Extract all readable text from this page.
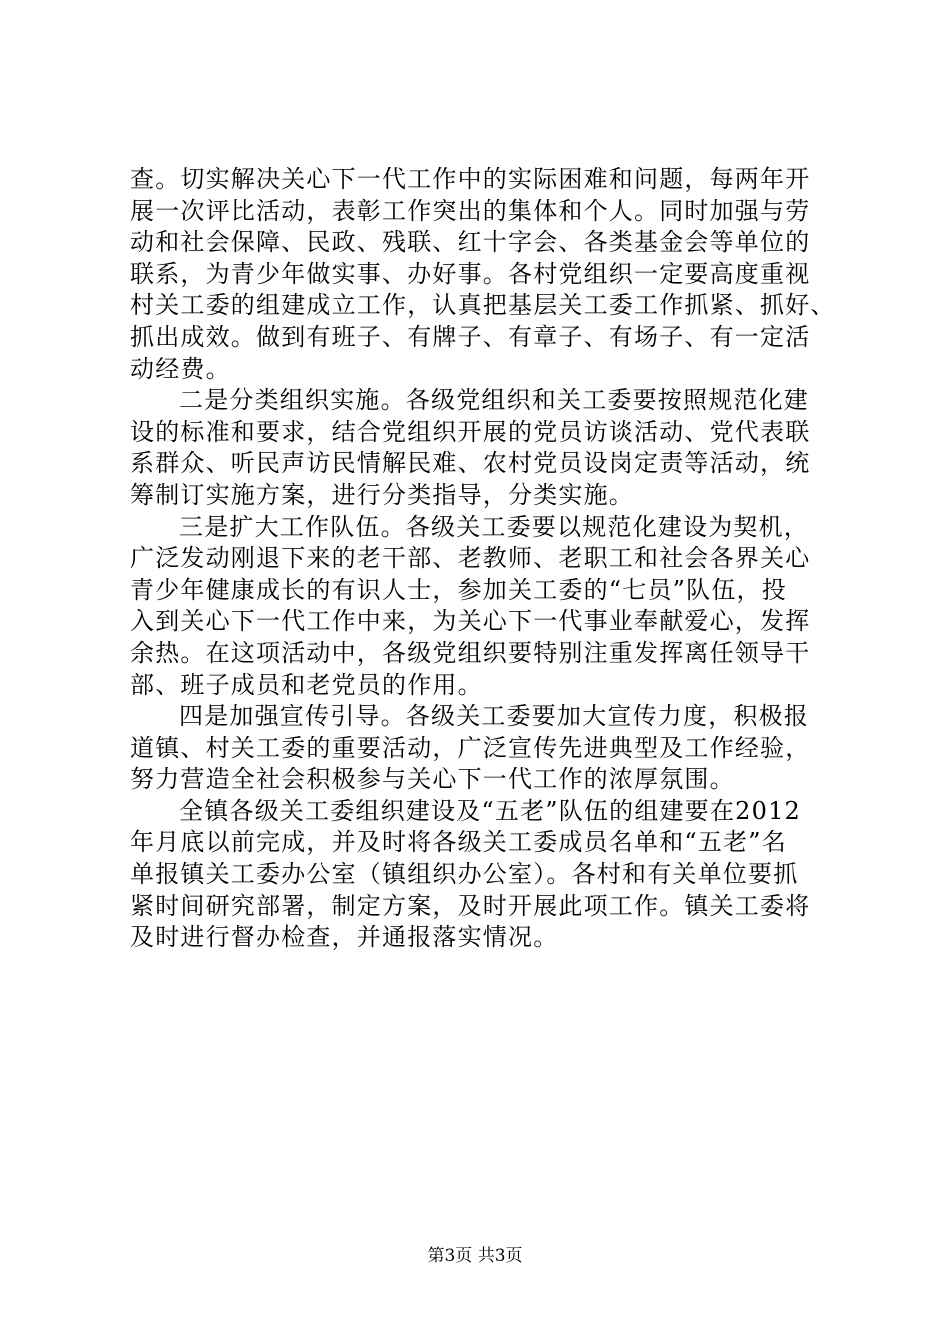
查。切实解决关心下一代工作中的实际困难和问题，每两年开
展一次评比活动，表彰工作突出的集体和个人。同时加强与劳
动和社会保障、民政、残联、红十字会、各类基金会等单位的
联系，为青少年做实事、办好事。各村党组织一定要高度重视
村关工委的组建成立工作，认真把基层关工委工作抓紧、抓好、
抓出成效。做到有班子、有牌子、有章子、有场子、有一定活
动经费。
二是分类组织实施。各级党组织和关工委要按照规范化建
设的标准和要求，结合党组织开展的党员访谈活动、党代表联
系群众、听民声访民情解民难、农村党员设岗定责等活动，统
筹制订实施方案，进行分类指导，分类实施。
三是扩大工作队伍。各级关工委要以规范化建设为契机，
广泛发动刚退下来的老干部、老教师、老职工和社会各界关心
青少年健康成长的有识人士，参加关工委的“七员”队伍，投
入到关心下一代工作中来，为关心下一代事业奉献爱心，发挥
余热。在这项活动中，各级党组织要特别注重发挥离任领导干
部、班子成员和老党员的作用。
四是加强宣传引导。各级关工委要加大宣传力度，积极报
道镇、村关工委的重要活动，广泛宣传先进典型及工作经验，
努力营造全社会积极参与关心下一代工作的浓厚氛围。
全镇各级关工委组织建设及“五老”队伍的组建要在2012
年月底以前完成，并及时将各级关工委成员名单和“五老”名
单报镇关工委办公室（镇组织办公室）。各村和有关单位要抓
紧时间研究部署，制定方案，及时开展此项工作。镇关工委将
及时进行督办检查，并通报落实情况。
第3页 共3页
